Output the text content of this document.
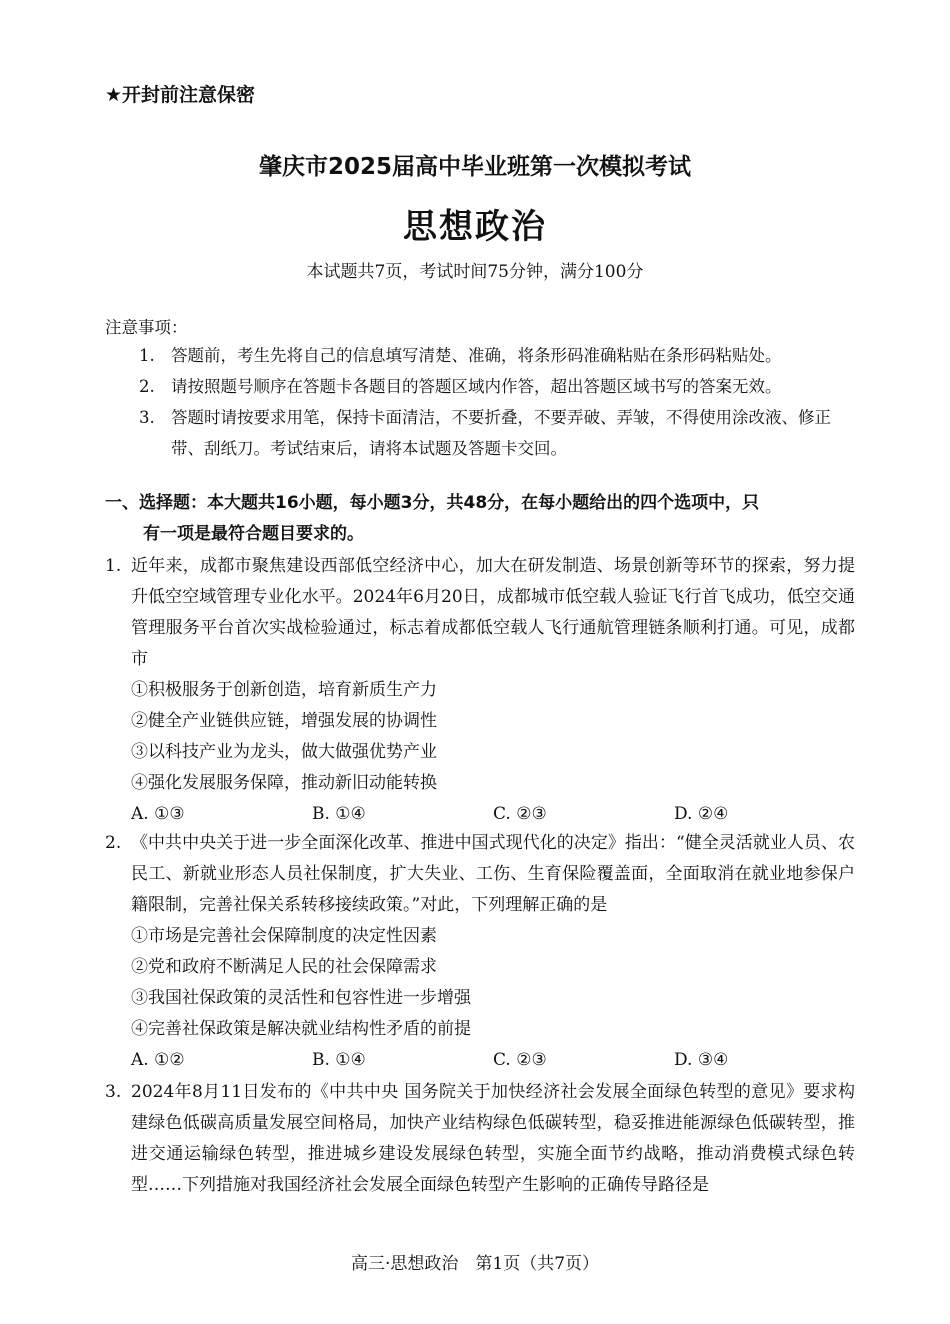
★开封前注意保密
肇庆市2025届高中毕业班第一次模拟考试
思想政治
本试题共7页，考试时间75分钟，满分100分
注意事项：
1. 答题前，考生先将自己的信息填写清楚、准确，将条形码准确粘贴在条形码粘贴处。
2. 请按照题号顺序在答题卡各题目的答题区域内作答，超出答题区域书写的答案无效。
3. 答题时请按要求用笔，保持卡面清洁，不要折叠，不要弄破、弄皱，不得使用涂改液、修正带、刮纸刀。考试结束后，请将本试题及答题卡交回。
一、选择题：本大题共16小题，每小题3分，共48分，在每小题给出的四个选项中，只
有一项是最符合题目要求的。
1. 近年来，成都市聚焦建设西部低空经济中心，加大在研发制造、场景创新等环节的探索，努力提升低空空域管理专业化水平。2024年6月20日，成都城市低空载人验证飞行首飞成功，低空交通管理服务平台首次实战检验通过，标志着成都低空载人飞行通航管理链条顺利打通。可见，成都市
①积极服务于创新创造，培育新质生产力
②健全产业链供应链，增强发展的协调性
③以科技产业为龙头，做大做强优势产业
④强化发展服务保障，推动新旧动能转换
A. ①③	B. ①④	C. ②③	D. ②④
2. 《中共中央关于进一步全面深化改革、推进中国式现代化的决定》指出：“健全灵活就业人员、农民工、新就业形态人员社保制度，扩大失业、工伤、生育保险覆盖面，全面取消在就业地参保户籍限制，完善社保关系转移接续政策。”对此，下列理解正确的是
①市场是完善社会保障制度的决定性因素
②党和政府不断满足人民的社会保障需求
③我国社保政策的灵活性和包容性进一步增强
④完善社保政策是解决就业结构性矛盾的前提
A. ①②	B. ①④	C. ②③	D. ③④
3. 2024年8月11日发布的《中共中央 国务院关于加快经济社会发展全面绿色转型的意见》要求构建绿色低碳高质量发展空间格局，加快产业结构绿色低碳转型，稳妥推进能源绿色低碳转型，推进交通运输绿色转型，推进城乡建设发展绿色转型，实施全面节约战略，推动消费模式绿色转型……下列措施对我国经济社会发展全面绿色转型产生影响的正确传导路径是
高三·思想政治　第1页（共7页）
